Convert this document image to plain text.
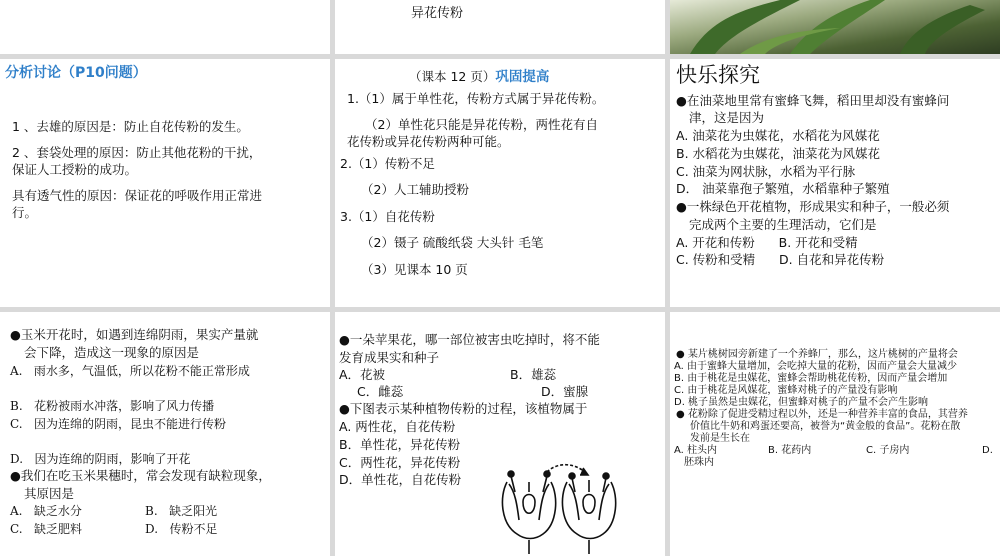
异花传粉
分析讨论（P10问题）
1 、去雄的原因是：防止自花传粉的发生。
2 、套袋处理的原因：防止其他花粉的干扰，
保证人工授粉的成功。
具有透气性的原因：保证花的呼吸作用正常进
行。
（课本 12 页）巩固提高
1.（1）属于单性花，传粉方式属于异花传粉。
（2）单性花只能是异花传粉，两性花有自
花传粉或异花传粉两种可能。
2.（1）传粉不足
（2）人工辅助授粉
3.（1）自花传粉
（2）镊子 硫酸纸袋 大头针 毛笔
（3）见课本 10 页
快乐探究
●在油菜地里常有蜜蜂飞舞，稻田里却没有蜜蜂问
津，这是因为
A. 油菜花为虫媒花，水稻花为风媒花
B. 水稻花为虫媒花，油菜花为风媒花
C. 油菜为网状脉，水稻为平行脉
D． 油菜靠孢子繁殖，水稻靠种子繁殖
●一株绿色开花植物，形成果实和种子，一般必须
完成两个主要的生理活动，它们是
A. 开花和传粉      B. 开花和受精
C. 传粉和受精      D. 自花和异花传粉
●玉米开花时，如遇到连绵阴雨，果实产量就
会下降，造成这一现象的原因是
A.   雨水多，气温低，所以花粉不能正常形成
B.   花粉被雨水冲落，影响了风力传播
C.   因为连绵的阴雨，昆虫不能进行传粉
D.   因为连绵的阴雨，影响了开花
●我们在吃玉米果穗时，常会发现有缺粒现象，
其原因是
A.   缺乏水分	B.   缺乏阳光
C.   缺乏肥料	D.   传粉不足
●一朵苹果花，哪一部位被害虫吃掉时，将不能
发育成果实和种子
A．花被	B．雄蕊
C．雌蕊	D．蜜腺
●下图表示某种植物传粉的过程，该植物属于
A. 两性花，自花传粉
B．单性花，异花传粉
C．两性花，异花传粉
D．单性花，自花传粉
● 某片桃树园旁新建了一个养蜂厂，那么，这片桃树的产量将会
A. 由于蜜蜂大量增加，会吃掉大量的花粉，因而产量会大量减少
B. 由于桃花是虫媒花，蜜蜂会帮助桃花传粉，因而产量会增加
C. 由于桃花是风媒花，蜜蜂对桃子的产量没有影响
D. 桃子虽然是虫媒花，但蜜蜂对桃子的产量不会产生影响
● 花粉除了促进受精过程以外，还是一种营养丰富的食品，其营养
价值比牛奶和鸡蛋还要高，被誉为“黄金般的食品”。花粉在散
发前是生长在
A. 柱头内	B. 花药内	C. 子房内	D.
胚珠内
